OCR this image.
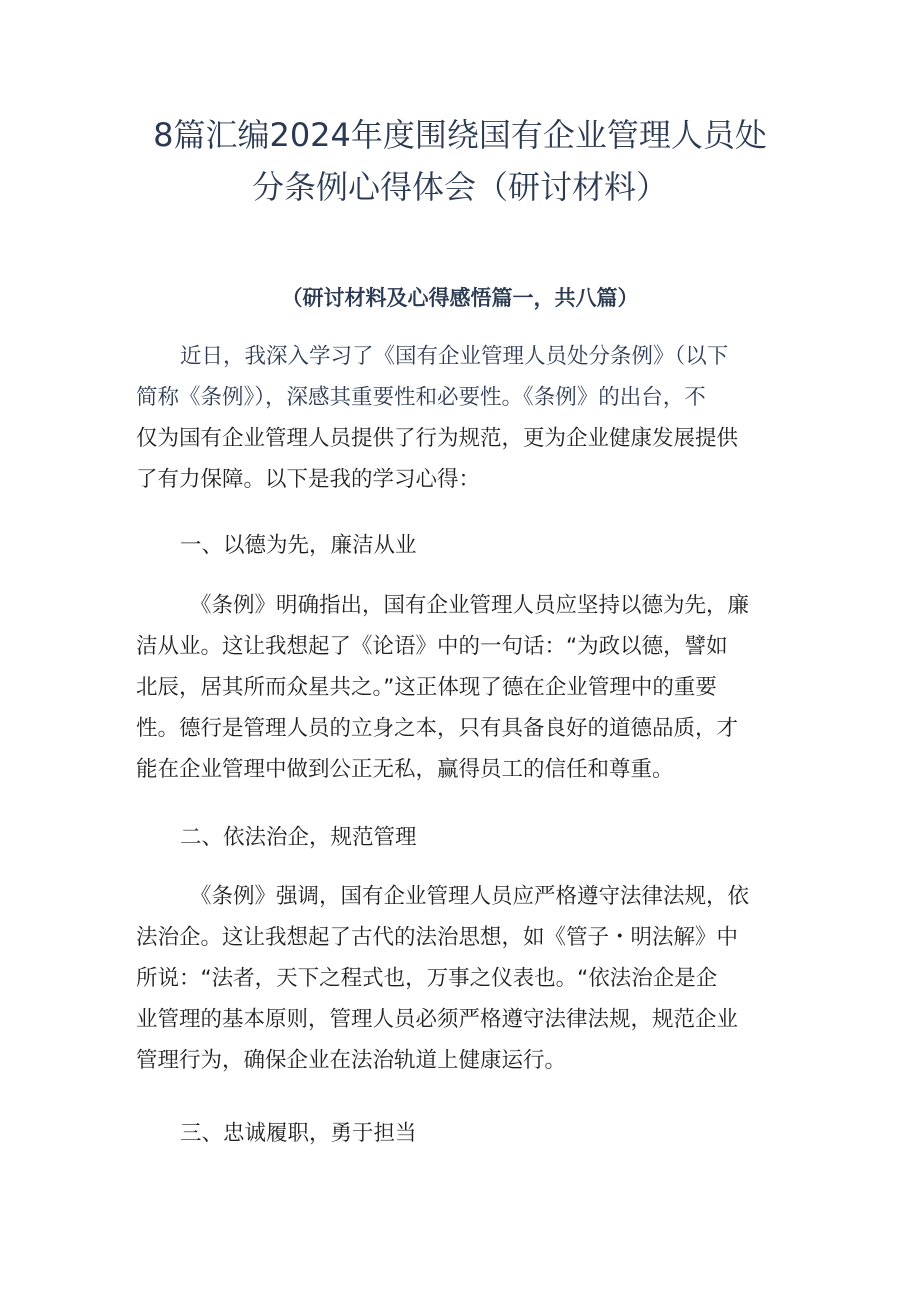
8篇汇编2024年度围绕国有企业管理人员处
分条例心得体会（研讨材料）
（研讨材料及心得感悟篇一，共八篇）
近日，我深入学习了《国有企业管理人员处分条例》（以下
简称《条例》），深感其重要性和必要性。《条例》的出台，不
仅为国有企业管理人员提供了行为规范，更为企业健康发展提供
了有力保障。以下是我的学习心得：
一、以德为先，廉洁从业
《条例》明确指出，国有企业管理人员应坚持以德为先，廉
洁从业。这让我想起了《论语》中的一句话：“为政以德，譬如
北辰，居其所而众星共之。”这正体现了德在企业管理中的重要
性。德行是管理人员的立身之本，只有具备良好的道德品质，才
能在企业管理中做到公正无私，赢得员工的信任和尊重。
二、依法治企，规范管理
《条例》强调，国有企业管理人员应严格遵守法律法规，依
法治企。这让我想起了古代的法治思想，如《管子・明法解》中
所说：“法者，天下之程式也，万事之仪表也。“依法治企是企
业管理的基本原则，管理人员必须严格遵守法律法规，规范企业
管理行为，确保企业在法治轨道上健康运行。
三、忠诚履职，勇于担当
